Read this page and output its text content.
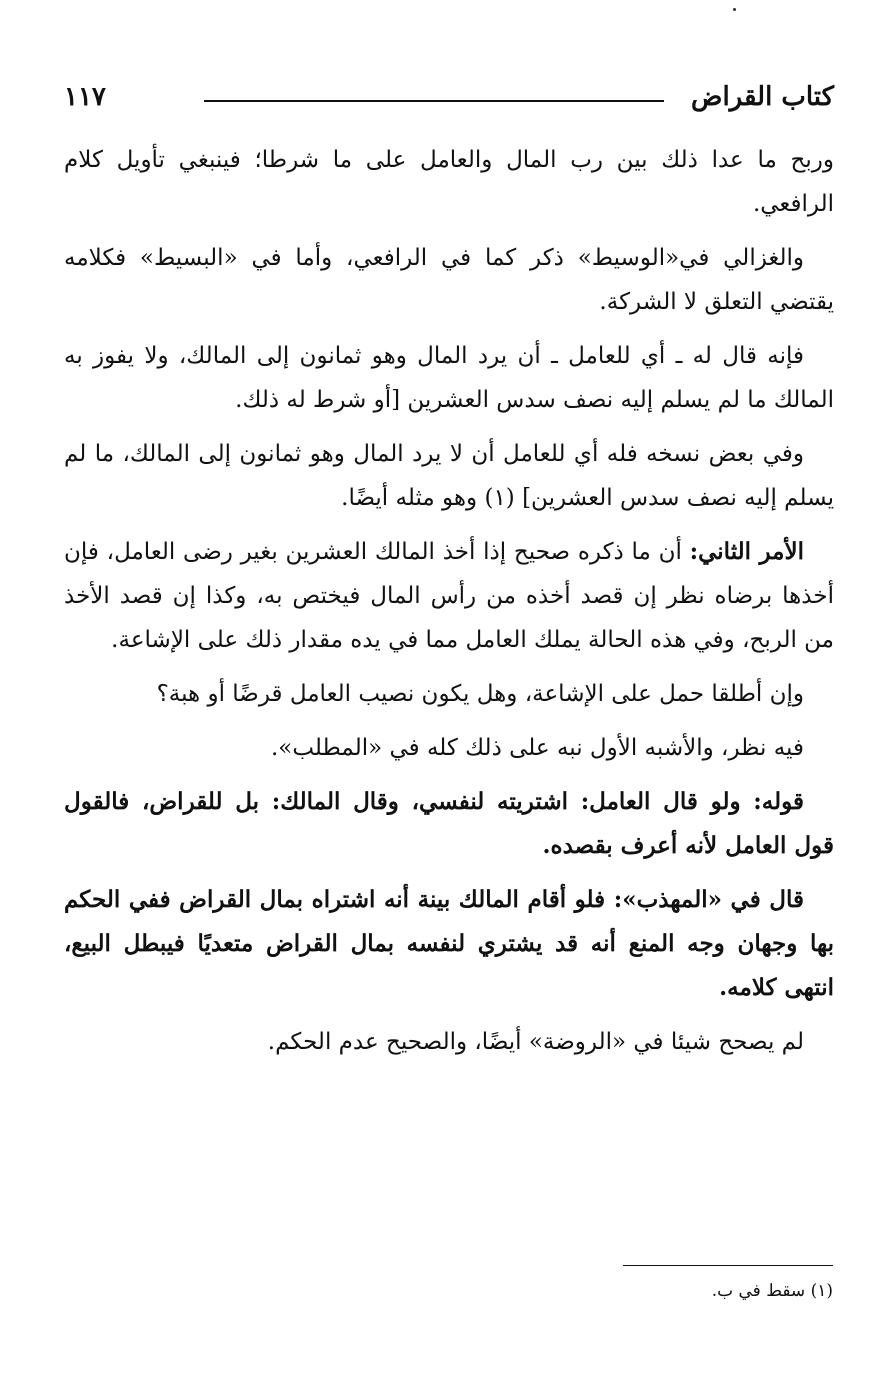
كتاب القراض
١١٧

وربح ما عدا ذلك بين رب المال والعامل على ما شرطا؛ فينبغي تأويل كلام الرافعي.

والغزالي في«الوسيط» ذكر كما في الرافعي، وأما في «البسيط» فكلامه يقتضي التعلق لا الشركة.

فإنه قال له ـ أي للعامل ـ أن يرد المال وهو ثمانون إلى المالك، ولا يفوز به المالك ما لم يسلم إليه نصف سدس العشرين [أو شرط له ذلك.

وفي بعض نسخه فله أي للعامل أن لا يرد المال وهو ثمانون إلى المالك، ما لم يسلم إليه نصف سدس العشرين] (١) وهو مثله أيضًا.

الأمر الثاني: أن ما ذكره صحيح إذا أخذ المالك العشرين بغير رضى العامل، فإن أخذها برضاه نظر إن قصد أخذه من رأس المال فيختص به، وكذا إن قصد الأخذ من الربح، وفي هذه الحالة يملك العامل مما في يده مقدار ذلك على الإشاعة.

وإن أطلقا حمل على الإشاعة، وهل يكون نصيب العامل قرضًا أو هبة؟

فيه نظر، والأشبه الأول نبه على ذلك كله في «المطلب».

قوله: ولو قال العامل: اشتريته لنفسي، وقال المالك: بل للقراض، فالقول قول العامل لأنه أعرف بقصده.

قال في «المهذب»: فلو أقام المالك بينة أنه اشتراه بمال القراض ففي الحكم بها وجهان وجه المنع أنه قد يشتري لنفسه بمال القراض متعديًا فيبطل البيع، انتهى كلامه.

لم يصحح شيئا في «الروضة» أيضًا، والصحيح عدم الحكم.

(١) سقط في ب.
